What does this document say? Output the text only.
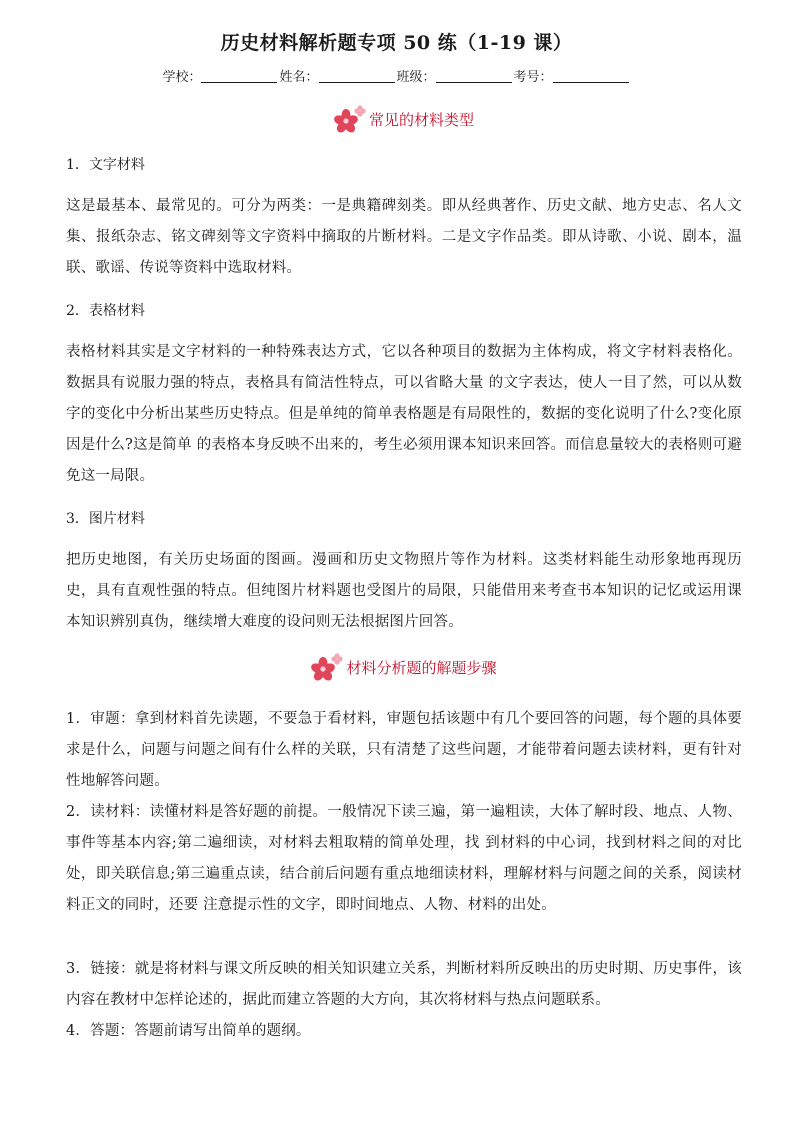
历史材料解析题专项 50 练（1-19 课）
学校：	姓名：	班级：	考号：
常见的材料类型
1．文字材料
这是最基本、最常见的。可分为两类：一是典籍碑刻类。即从经典著作、历史文献、地方史志、名人文集、报纸杂志、铭文碑刻等文字资料中摘取的片断材料。二是文字作品类。即从诗歌、小说、剧本，温联、歌谣、传说等资料中选取材料。
2．表格材料
表格材料其实是文字材料的一种特殊表达方式，它以各种项目的数据为主体构成，将文字材料表格化。数据具有说服力强的特点，表格具有简洁性特点，可以省略大量 的文字表达，使人一目了然，可以从数字的变化中分析出某些历史特点。但是单纯的简单表格题是有局限性的，数据的变化说明了什么?变化原因是什么?这是简单 的表格本身反映不出来的，考生必须用课本知识来回答。而信息量较大的表格则可避免这一局限。
3．图片材料
把历史地图，有关历史场面的图画。漫画和历史文物照片等作为材料。这类材料能生动形象地再现历史，具有直观性强的特点。但纯图片材料题也受图片的局限，只能借用来考查书本知识的记忆或运用课本知识辨别真伪，继续增大难度的设问则无法根据图片回答。
材料分析题的解题步骤
1．审题：拿到材料首先读题，不要急于看材料，审题包括该题中有几个要回答的问题，每个题的具体要求是什么，问题与问题之间有什么样的关联，只有清楚了这些问题，才能带着问题去读材料，更有针对性地解答问题。
2．读材料：读懂材料是答好题的前提。一般情况下读三遍，第一遍粗读，大体了解时段、地点、人物、事件等基本内容;第二遍细读，对材料去粗取精的简单处理，找 到材料的中心词，找到材料之间的对比处，即关联信息;第三遍重点读，结合前后问题有重点地细读材料，理解材料与问题之间的关系，阅读材料正文的同时，还要 注意提示性的文字，即时间地点、人物、材料的出处。
3．链接：就是将材料与课文所反映的相关知识建立关系，判断材料所反映出的历史时期、历史事件，该内容在教材中怎样论述的，据此而建立答题的大方向，其次将材料与热点问题联系。
4．答题：答题前请写出简单的题纲。
